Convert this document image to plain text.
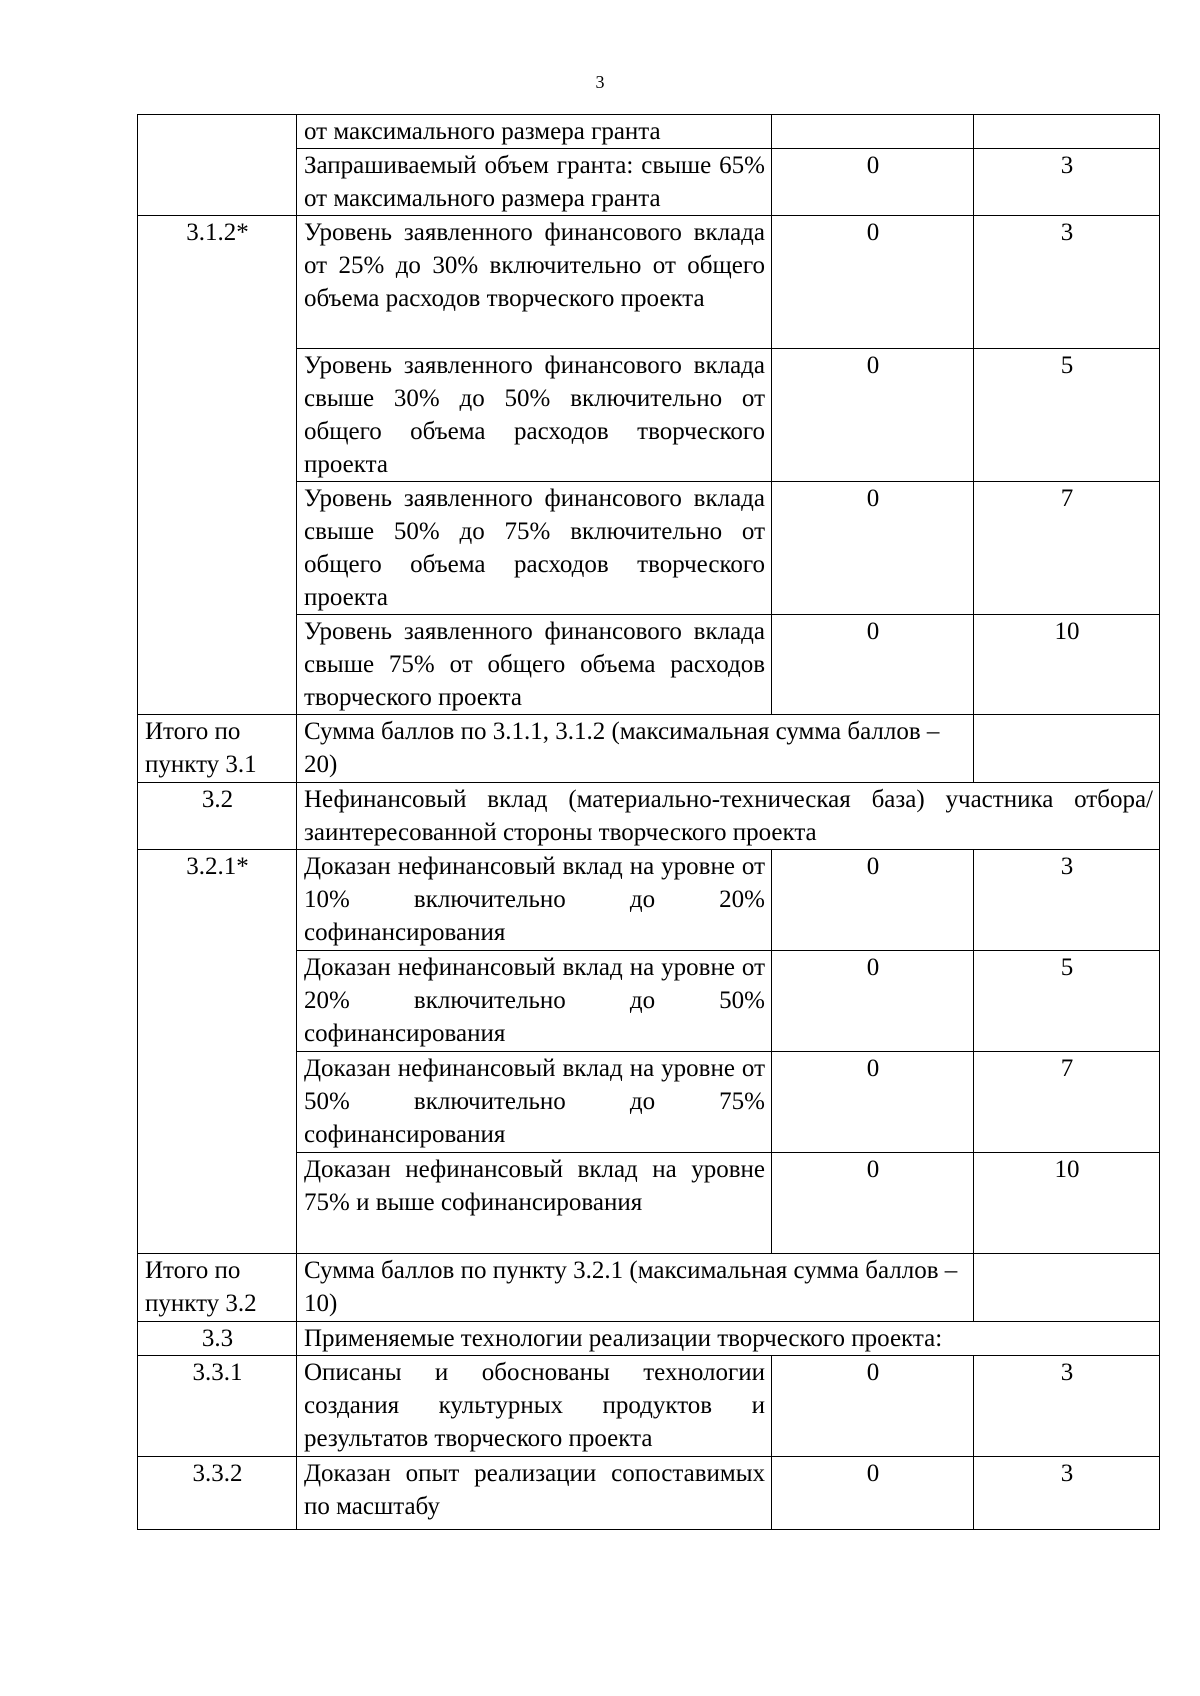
3
	от максимального размера гранта		
	Запрашиваемый объем гранта: свыше 65% от максимального размера гранта	0	3
3.1.2*	Уровень заявленного финансового вклада от 25% до 30% включительно от общего объема расходов творческого проекта	0	3
	Уровень заявленного финансового вклада свыше 30% до 50% включительно от общего объема расходов творческого проекта	0	5
	Уровень заявленного финансового вклада свыше 50% до 75% включительно от общего объема расходов творческого проекта	0	7
	Уровень заявленного финансового вклада свыше 75% от общего объема расходов творческого проекта	0	10
Итого по пункту 3.1	Сумма баллов по 3.1.1, 3.1.2 (максимальная сумма баллов – 20)		
3.2	Нефинансовый вклад (материально-техническая база) участника отбора/заинтересованной стороны творческого проекта		
3.2.1*	Доказан нефинансовый вклад на уровне от 10% включительно до 20% софинансирования	0	3
	Доказан нефинансовый вклад на уровне от 20% включительно до 50% софинансирования	0	5
	Доказан нефинансовый вклад на уровне от 50% включительно до 75% софинансирования	0	7
	Доказан нефинансовый вклад на уровне 75% и выше софинансирования	0	10
Итого по пункту 3.2	Сумма баллов по пункту 3.2.1 (максимальная сумма баллов – 10)		
3.3	Применяемые технологии реализации творческого проекта:		
3.3.1	Описаны и обоснованы технологии создания культурных продуктов и результатов творческого проекта	0	3
3.3.2	Доказан опыт реализации сопоставимых по масштабу	0	3
